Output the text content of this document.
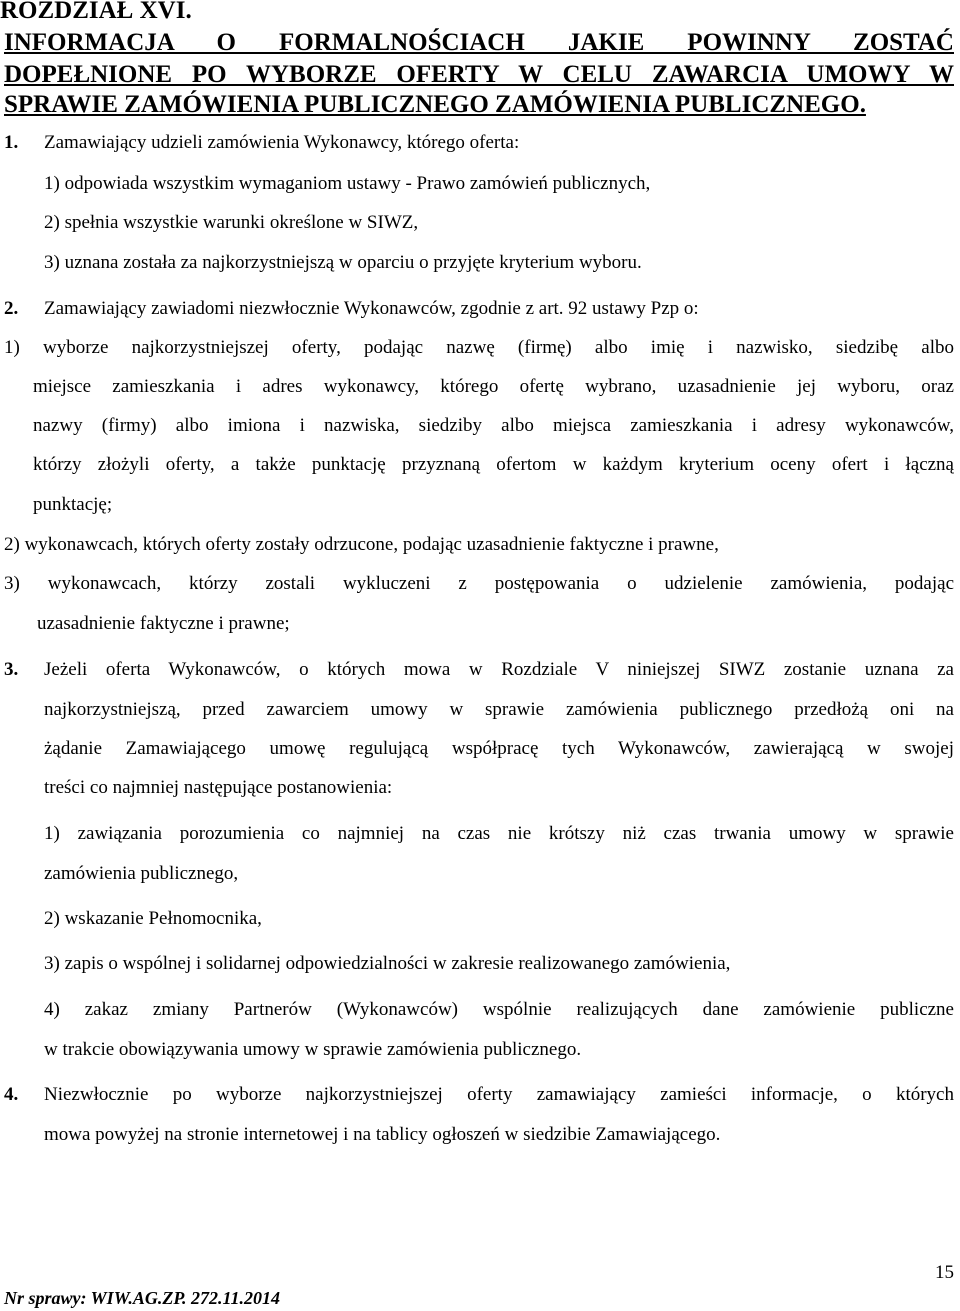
ROZDZIAŁ XVI.
INFORMACJA O FORMALNOŚCIACH JAKIE POWINNY ZOSTAĆ
DOPEŁNIONE PO WYBORZE OFERTY W CELU ZAWARCIA UMOWY W
SPRAWIE ZAMÓWIENIA PUBLICZNEGO ZAMÓWIENIA PUBLICZNEGO.
1. Zamawiający udzieli zamówienia Wykonawcy, którego oferta:
1) odpowiada wszystkim wymaganiom ustawy - Prawo zamówień publicznych,
2) spełnia wszystkie warunki określone w SIWZ,
3) uznana została za najkorzystniejszą w oparciu o przyjęte kryterium wyboru.
2. Zamawiający zawiadomi niezwłocznie Wykonawców, zgodnie z art. 92 ustawy Pzp o:
1) wyborze najkorzystniejszej oferty, podając nazwę (firmę) albo imię i nazwisko, siedzibę albo
miejsce zamieszkania i adres wykonawcy, którego ofertę wybrano, uzasadnienie jej wyboru, oraz
nazwy (firmy) albo imiona i nazwiska, siedziby albo miejsca zamieszkania i adresy wykonawców,
którzy złożyli oferty, a także punktację przyznaną ofertom w każdym kryterium oceny ofert i łączną
punktację;
2) wykonawcach, których oferty zostały odrzucone, podając uzasadnienie faktyczne i prawne,
3) wykonawcach, którzy zostali wykluczeni z postępowania o udzielenie zamówienia, podając
uzasadnienie faktyczne i prawne;
3. Jeżeli oferta Wykonawców, o których mowa w Rozdziale V niniejszej SIWZ zostanie uznana za
najkorzystniejszą, przed zawarciem umowy w sprawie zamówienia publicznego przedłożą oni na
żądanie Zamawiającego umowę regulującą współpracę tych Wykonawców, zawierającą w swojej
treści co najmniej następujące postanowienia:
1) zawiązania porozumienia co najmniej na czas nie krótszy niż czas trwania umowy w sprawie
zamówienia publicznego,
2) wskazanie Pełnomocnika,
3) zapis o wspólnej i solidarnej odpowiedzialności w zakresie realizowanego zamówienia,
4) zakaz zmiany Partnerów (Wykonawców) wspólnie realizujących dane zamówienie publiczne
w trakcie obowiązywania umowy w sprawie zamówienia publicznego.
4. Niezwłocznie po wyborze najkorzystniejszej oferty zamawiający zamieści informacje, o których
mowa powyżej na stronie internetowej i na tablicy ogłoszeń w siedzibie Zamawiającego.
15
Nr sprawy: WIW.AG.ZP. 272.11.2014
